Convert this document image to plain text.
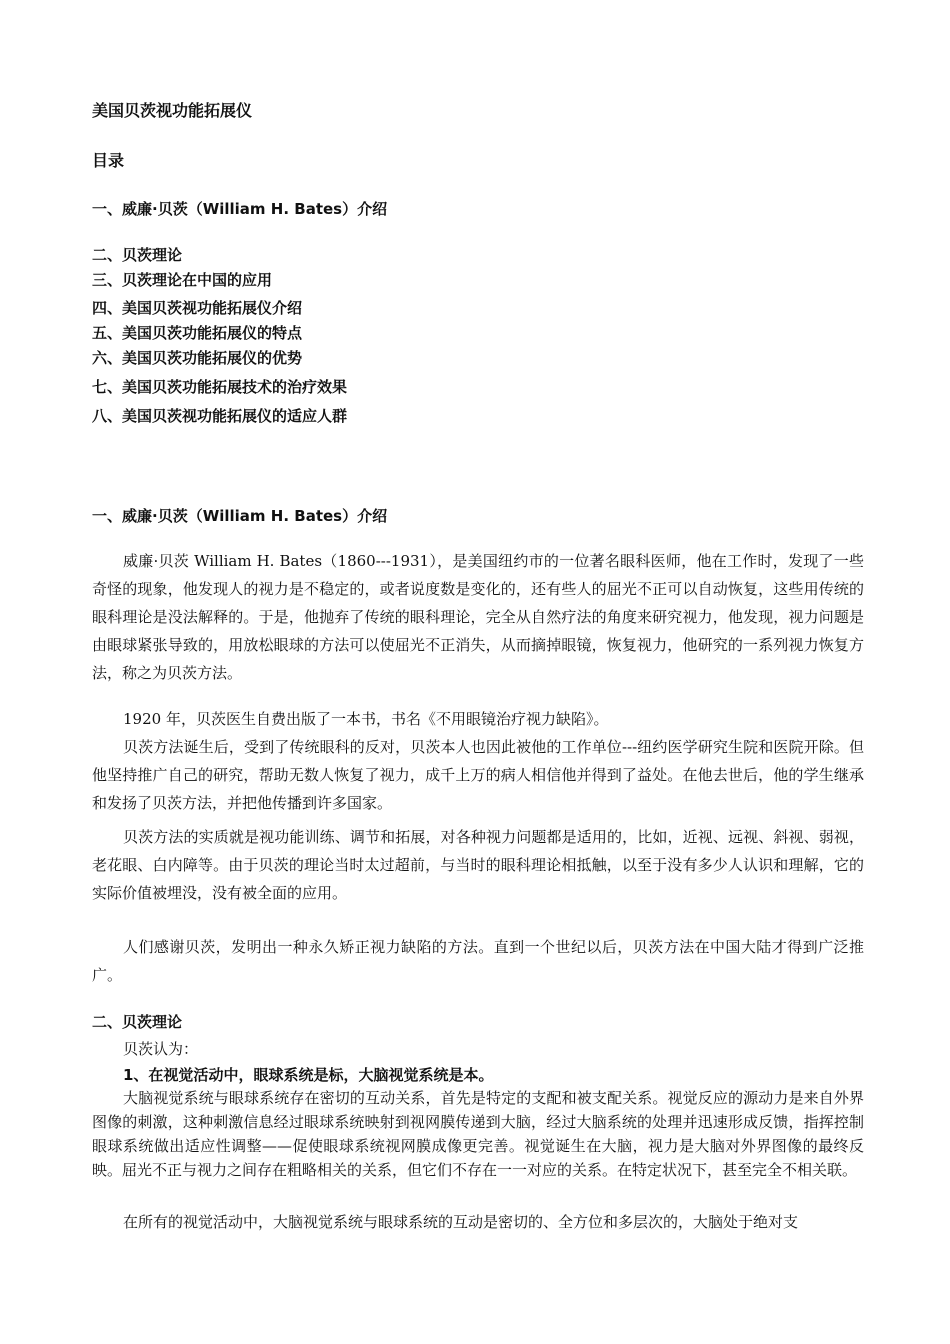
美国贝茨视功能拓展仪
目录
一、威廉·贝茨（William H. Bates）介绍
二、贝茨理论
三、贝茨理论在中国的应用
四、美国贝茨视功能拓展仪介绍
五、美国贝茨功能拓展仪的特点
六、美国贝茨功能拓展仪的优势
七、美国贝茨功能拓展技术的治疗效果
八、美国贝茨视功能拓展仪的适应人群
一、威廉·贝茨（William H. Bates）介绍
威廉·贝茨 William H. Bates（1860---1931），是美国纽约市的一位著名眼科医师，他在工作时，发现了一些奇怪的现象，他发现人的视力是不稳定的，或者说度数是变化的，还有些人的屈光不正可以自动恢复，这些用传统的眼科理论是没法解释的。于是，他抛弃了传统的眼科理论，完全从自然疗法的角度来研究视力，他发现，视力问题是由眼球紧张导致的，用放松眼球的方法可以使屈光不正消失，从而摘掉眼镜，恢复视力，他研究的一系列视力恢复方法，称之为贝茨方法。
1920 年，贝茨医生自费出版了一本书，书名《不用眼镜治疗视力缺陷》。
贝茨方法诞生后，受到了传统眼科的反对，贝茨本人也因此被他的工作单位---纽约医学研究生院和医院开除。但他坚持推广自己的研究，帮助无数人恢复了视力，成千上万的病人相信他并得到了益处。在他去世后，他的学生继承和发扬了贝茨方法，并把他传播到许多国家。
贝茨方法的实质就是视功能训练、调节和拓展，对各种视力问题都是适用的，比如，近视、远视、斜视、弱视，老花眼、白内障等。由于贝茨的理论当时太过超前，与当时的眼科理论相抵触，以至于没有多少人认识和理解，它的实际价值被埋没，没有被全面的应用。
人们感谢贝茨，发明出一种永久矫正视力缺陷的方法。直到一个世纪以后，贝茨方法在中国大陆才得到广泛推广。
二、贝茨理论
贝茨认为：
1、在视觉活动中，眼球系统是标，大脑视觉系统是本。
大脑视觉系统与眼球系统存在密切的互动关系，首先是特定的支配和被支配关系。视觉反应的源动力是来自外界图像的刺激，这种刺激信息经过眼球系统映射到视网膜传递到大脑，经过大脑系统的处理并迅速形成反馈，指挥控制眼球系统做出适应性调整——促使眼球系统视网膜成像更完善。视觉诞生在大脑，视力是大脑对外界图像的最终反映。屈光不正与视力之间存在粗略相关的关系，但它们不存在一一对应的关系。在特定状况下，甚至完全不相关联。
在所有的视觉活动中，大脑视觉系统与眼球系统的互动是密切的、全方位和多层次的，大脑处于绝对支
